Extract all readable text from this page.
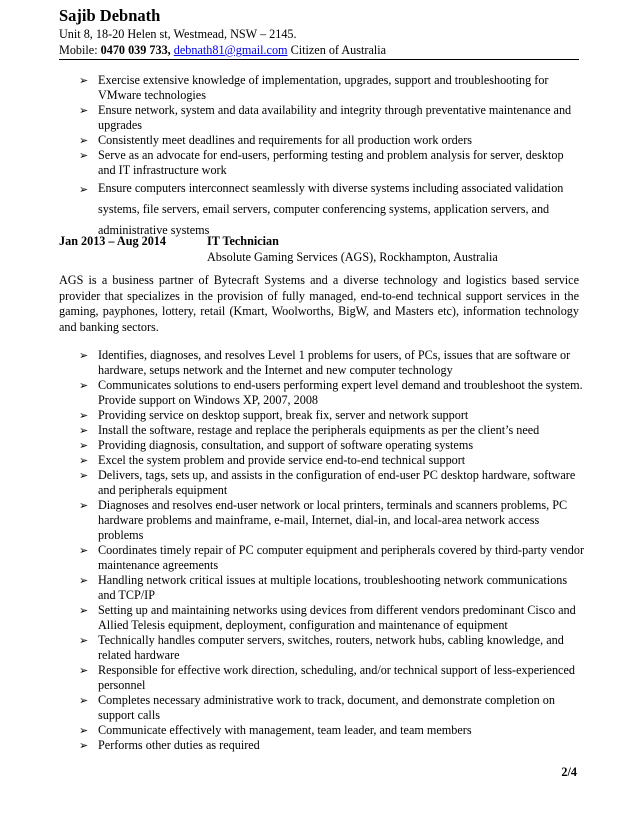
Sajib Debnath
Unit 8, 18-20 Helen st, Westmead, NSW – 2145.
Mobile: 0470 039 733, debnath81@gmail.com Citizen of Australia
➢ Exercise extensive knowledge of implementation, upgrades, support and troubleshooting for VMware technologies
➢ Ensure network, system and data availability and integrity through preventative maintenance and upgrades
➢ Consistently meet deadlines and requirements for all production work orders
➢ Serve as an advocate for end-users, performing testing and problem analysis for server, desktop and IT infrastructure work
➢ Ensure computers interconnect seamlessly with diverse systems including associated validation systems, file servers, email servers, computer conferencing systems, application servers, and administrative systems
Jan 2013 – Aug 2014	IT Technician
Absolute Gaming Services (AGS), Rockhampton, Australia
AGS is a business partner of Bytecraft Systems and a diverse technology and logistics based service provider that specializes in the provision of fully managed, end-to-end technical support services in the gaming, payphones, lottery, retail (Kmart, Woolworths, BigW, and Masters etc), information technology and banking sectors.
➢ Identifies, diagnoses, and resolves Level 1 problems for users, of PCs, issues that are software or hardware, setups network and the Internet and new computer technology
➢ Communicates solutions to end-users performing expert level demand and troubleshoot the system. Provide support on Windows XP, 2007, 2008
➢ Providing service on desktop support, break fix, server and network support
➢ Install the software, restage and replace the peripherals equipments as per the client’s need
➢ Providing diagnosis, consultation, and support of software operating systems
➢ Excel the system problem and provide service end-to-end technical support
➢ Delivers, tags, sets up, and assists in the configuration of end-user PC desktop hardware, software and peripherals equipment
➢ Diagnoses and resolves end-user network or local printers, terminals and scanners problems, PC hardware problems and mainframe, e-mail, Internet, dial-in, and local-area network access problems
➢ Coordinates timely repair of PC computer equipment and peripherals covered by third-party vendor maintenance agreements
➢ Handling network critical issues at multiple locations, troubleshooting network communications and TCP/IP
➢ Setting up and maintaining networks using devices from different vendors predominant Cisco and Allied Telesis equipment, deployment, configuration and maintenance of equipment
➢ Technically handles computer servers, switches, routers, network hubs, cabling knowledge, and related hardware
➢ Responsible for effective work direction, scheduling, and/or technical support of less-experienced personnel
➢ Completes necessary administrative work to track, document, and demonstrate completion on support calls
➢ Communicate effectively with management, team leader, and team members
➢ Performs other duties as required
2/4
